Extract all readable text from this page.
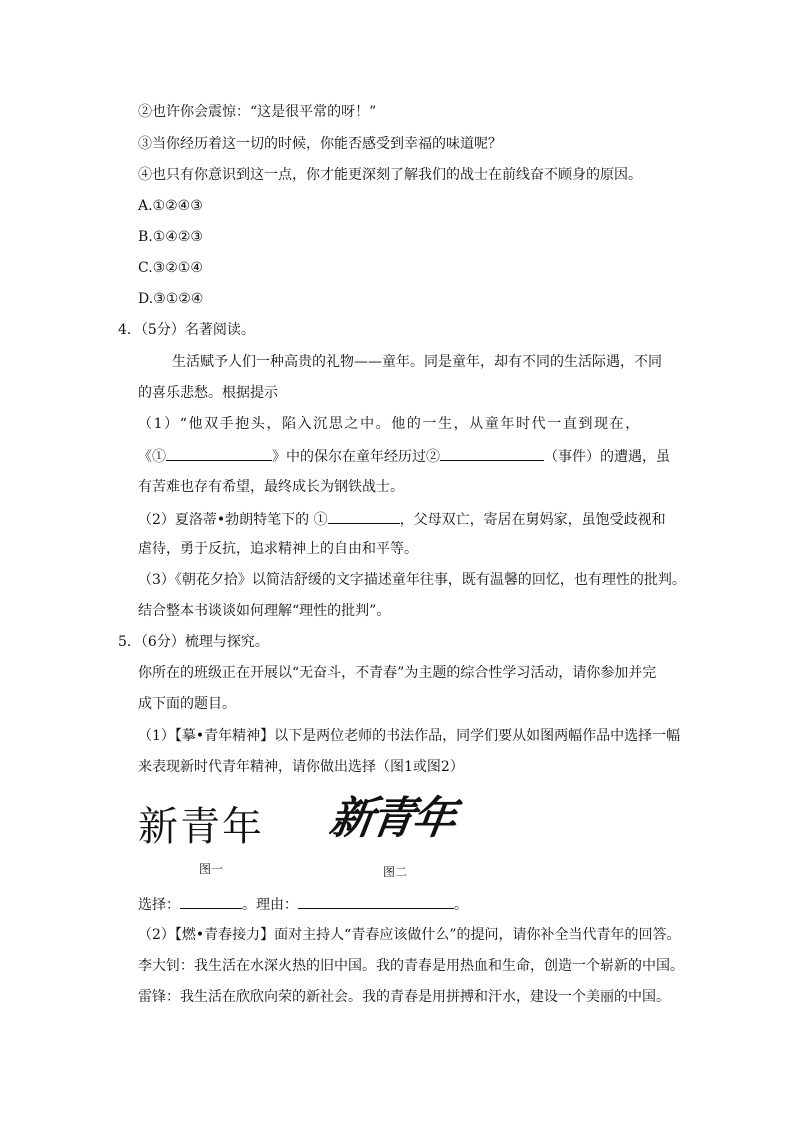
②也许你会震惊：“这是很平常的呀！”
③当你经历着这一切的时候，你能否感受到幸福的味道呢？
④也只有你意识到这一点，你才能更深刻了解我们的战士在前线奋不顾身的原因。
A.①②④③
B.①④②③
C.③②①④
D.③①②④
4．（5分）名著阅读。
生活赋予人们一种高贵的礼物——童年。同是童年，却有不同的生活际遇，不同
的喜乐悲愁。根据提示
（1）“他双手抱头，陷入沉思之中。他的一生，从童年时代一直到现在，
《①	》中的保尔在童年经历过②	（事件）的遭遇，虽
有苦难也存有希望，最终成长为钢铁战士。
（2）夏洛蒂•勃朗特笔下的 ①	，父母双亡，寄居在舅妈家，虽饱受歧视和
虐待，勇于反抗，追求精神上的自由和平等。
（3）《朝花夕拾》以简洁舒缓的文字描述童年往事，既有温馨的回忆，也有理性的批判。
结合整本书谈谈如何理解“理性的批判”。
5．（6分）梳理与探究。
你所在的班级正在开展以“无奋斗，不青春”为主题的综合性学习活动，请你参加并完
成下面的题目。
（1）【摹•青年精神】以下是两位老师的书法作品，同学们要从如图两幅作品中选择一幅
来表现新时代青年精神，请你做出选择（图1或图2）
新青年 新青年
图一	图二
选择：	。理由：	。
（2）【燃•青春接力】面对主持人“青春应该做什么”的提问，请你补全当代青年的回答。
李大钊：我生活在水深火热的旧中国。我的青春是用热血和生命，创造一个崭新的中国。
雷锋：我生活在欣欣向荣的新社会。我的青春是用拼搏和汗水，建设一个美丽的中国。
